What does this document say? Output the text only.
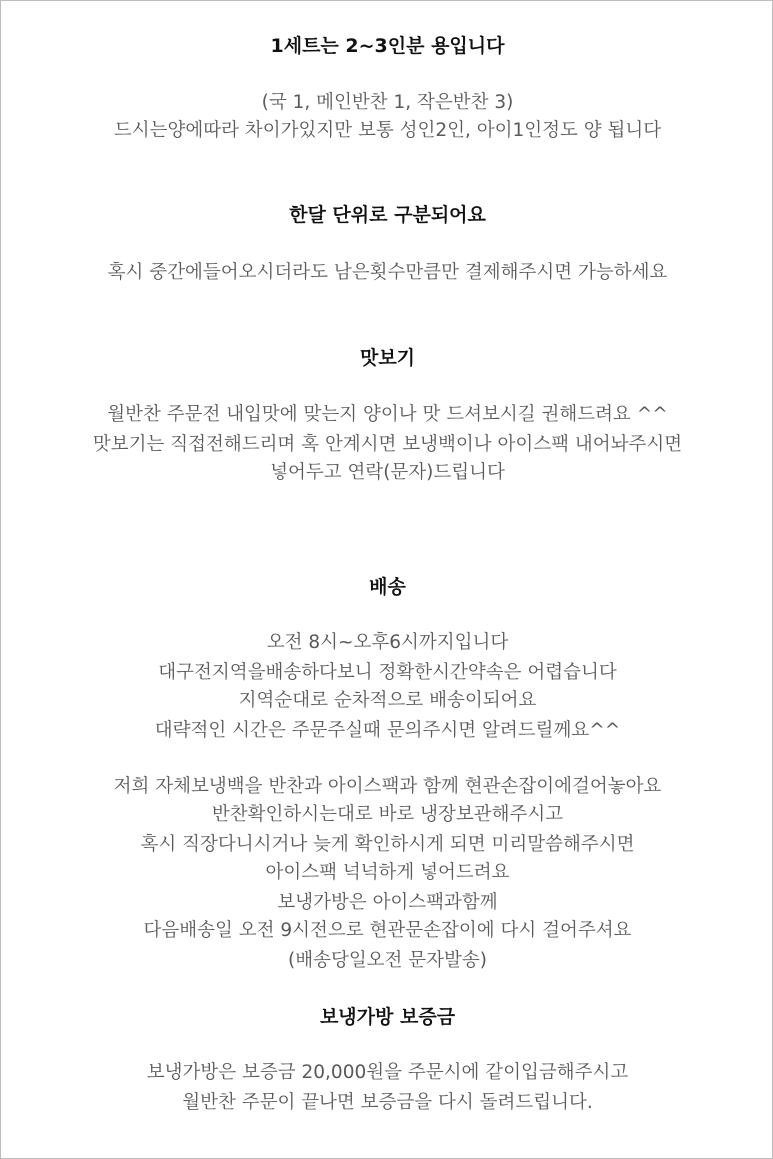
1세트는 2~3인분 용입니다
(국 1, 메인반찬 1, 작은반찬 3)
드시는양에따라 차이가있지만 보통 성인2인, 아이1인정도 양 됩니다
한달 단위로 구분되어요
혹시 중간에들어오시더라도 남은횟수만큼만 결제해주시면 가능하세요
맛보기
월반찬 주문전 내입맛에 맞는지 양이나 맛 드셔보시길 권해드려요 ^^
맛보기는 직접전해드리며 혹 안계시면 보냉백이나 아이스팩 내어놔주시면
넣어두고 연락(문자)드립니다
배송
오전 8시~오후6시까지입니다
대구전지역을배송하다보니 정확한시간약속은 어렵습니다
지역순대로 순차적으로 배송이되어요
대략적인 시간은 주문주실때 문의주시면 알려드릴께요^^
저희 자체보냉백을 반찬과 아이스팩과 함께 현관손잡이에걸어놓아요
반찬확인하시는대로 바로 냉장보관해주시고
혹시 직장다니시거나 늦게 확인하시게 되면 미리말씀해주시면
아이스팩 넉넉하게 넣어드려요
보냉가방은 아이스팩과함께
다음배송일 오전 9시전으로 현관문손잡이에 다시 걸어주셔요
(배송당일오전 문자발송)
보냉가방 보증금
보냉가방은 보증금 20,000원을 주문시에 같이입금해주시고
월반찬 주문이 끝나면 보증금을 다시 돌려드립니다.
